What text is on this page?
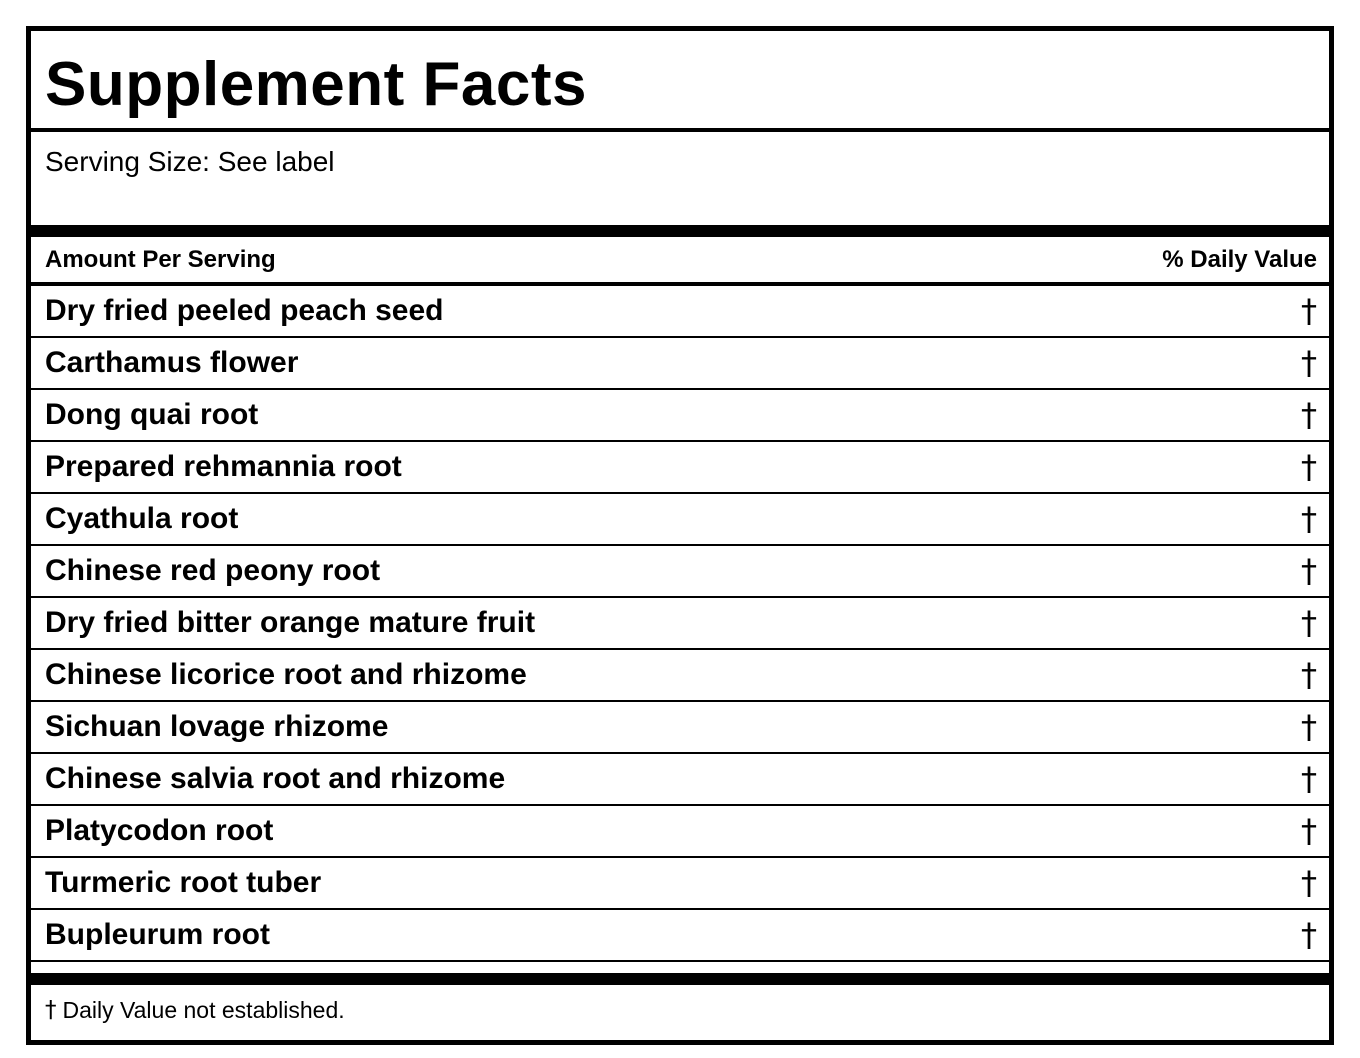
Supplement Facts
Serving Size: See label
Amount Per Serving	% Daily Value
Dry fried peeled peach seed	†
Carthamus flower	†
Dong quai root	†
Prepared rehmannia root	†
Cyathula root	†
Chinese red peony root	†
Dry fried bitter orange mature fruit	†
Chinese licorice root and rhizome	†
Sichuan lovage rhizome	†
Chinese salvia root and rhizome	†
Platycodon root	†
Turmeric root tuber	†
Bupleurum root	†
† Daily Value not established.
